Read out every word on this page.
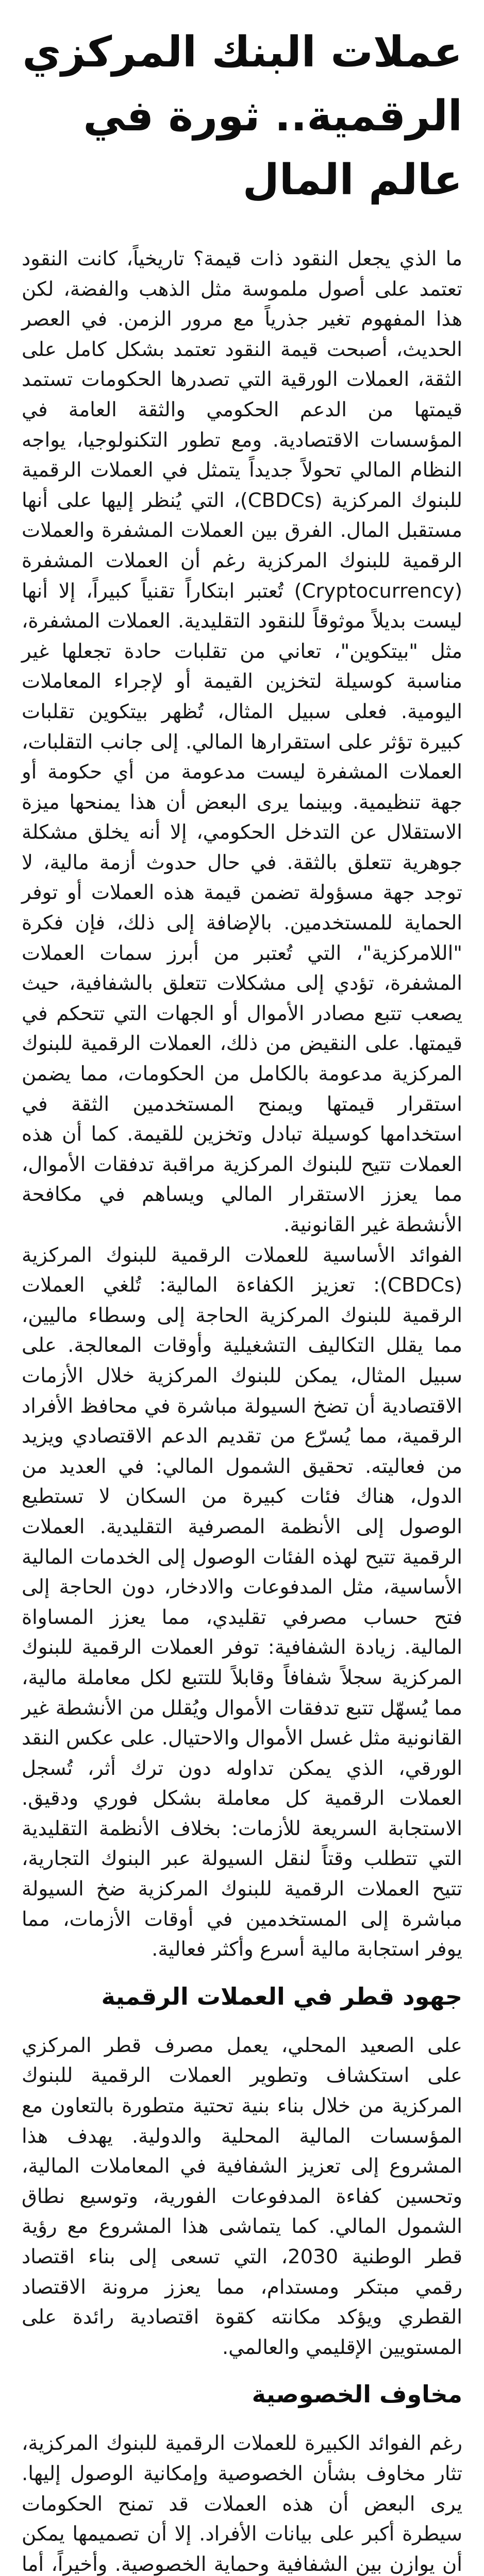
عملات البنك المركزي
الرقمية.. ثورة في عالم المال

ما الذي يجعل النقود ذات قيمة؟ تاريخياً، كانت النقود تعتمد على أصول ملموسة مثل الذهب والفضة، لكن هذا المفهوم تغير جذرياً مع مرور الزمن. في العصر الحديث، أصبحت قيمة النقود تعتمد بشكل كامل على الثقة، العملات الورقية التي تصدرها الحكومات تستمد قيمتها من الدعم الحكومي والثقة العامة في المؤسسات الاقتصادية. ومع تطور التكنولوجيا، يواجه النظام المالي تحولاً جديداً يتمثل في العملات الرقمية للبنوك المركزية (CBDCs)، التي يُنظر إليها على أنها مستقبل المال. الفرق بين العملات المشفرة والعملات الرقمية للبنوك المركزية رغم أن العملات المشفرة (Cryptocurrency) تُعتبر ابتكاراً تقنياً كبيراً، إلا أنها ليست بديلاً موثوقاً للنقود التقليدية. العملات المشفرة، مثل "بيتكوين"، تعاني من تقلبات حادة تجعلها غير مناسبة كوسيلة لتخزين القيمة أو لإجراء المعاملات اليومية. فعلى سبيل المثال، تُظهر بيتكوين تقلبات كبيرة تؤثر على استقرارها المالي. إلى جانب التقلبات، العملات المشفرة ليست مدعومة من أي حكومة أو جهة تنظيمية. وبينما يرى البعض أن هذا يمنحها ميزة الاستقلال عن التدخل الحكومي، إلا أنه يخلق مشكلة جوهرية تتعلق بالثقة. في حال حدوث أزمة مالية، لا توجد جهة مسؤولة تضمن قيمة هذه العملات أو توفر الحماية للمستخدمين. بالإضافة إلى ذلك، فإن فكرة "اللامركزية"، التي تُعتبر من أبرز سمات العملات المشفرة، تؤدي إلى مشكلات تتعلق بالشفافية، حيث يصعب تتبع مصادر الأموال أو الجهات التي تتحكم في قيمتها. على النقيض من ذلك، العملات الرقمية للبنوك المركزية مدعومة بالكامل من الحكومات، مما يضمن استقرار قيمتها ويمنح المستخدمين الثقة في استخدامها كوسيلة تبادل وتخزين للقيمة. كما أن هذه العملات تتيح للبنوك المركزية مراقبة تدفقات الأموال، مما يعزز الاستقرار المالي ويساهم في مكافحة الأنشطة غير القانونية.

الفوائد الأساسية للعملات الرقمية للبنوك المركزية (CBDCs): تعزيز الكفاءة المالية: تُلغي العملات الرقمية للبنوك المركزية الحاجة إلى وسطاء ماليين، مما يقلل التكاليف التشغيلية وأوقات المعالجة. على سبيل المثال، يمكن للبنوك المركزية خلال الأزمات الاقتصادية أن تضخ السيولة مباشرة في محافظ الأفراد الرقمية، مما يُسرّع من تقديم الدعم الاقتصادي ويزيد من فعاليته. تحقيق الشمول المالي: في العديد من الدول، هناك فئات كبيرة من السكان لا تستطيع الوصول إلى الأنظمة المصرفية التقليدية. العملات الرقمية تتيح لهذه الفئات الوصول إلى الخدمات المالية الأساسية، مثل المدفوعات والادخار، دون الحاجة إلى فتح حساب مصرفي تقليدي، مما يعزز المساواة المالية. زيادة الشفافية: توفر العملات الرقمية للبنوك المركزية سجلاً شفافاً وقابلاً للتتبع لكل معاملة مالية، مما يُسهّل تتبع تدفقات الأموال ويُقلل من الأنشطة غير القانونية مثل غسل الأموال والاحتيال. على عكس النقد الورقي، الذي يمكن تداوله دون ترك أثر، تُسجل العملات الرقمية كل معاملة بشكل فوري ودقيق. الاستجابة السريعة للأزمات: بخلاف الأنظمة التقليدية التي تتطلب وقتاً لنقل السيولة عبر البنوك التجارية، تتيح العملات الرقمية للبنوك المركزية ضخ السيولة مباشرة إلى المستخدمين في أوقات الأزمات، مما يوفر استجابة مالية أسرع وأكثر فعالية.

جهود قطر في العملات الرقمية

على الصعيد المحلي، يعمل مصرف قطر المركزي على استكشاف وتطوير العملات الرقمية للبنوك المركزية من خلال بناء بنية تحتية متطورة بالتعاون مع المؤسسات المالية المحلية والدولية. يهدف هذا المشروع إلى تعزيز الشفافية في المعاملات المالية، وتحسين كفاءة المدفوعات الفورية، وتوسيع نطاق الشمول المالي. كما يتماشى هذا المشروع مع رؤية قطر الوطنية 2030، التي تسعى إلى بناء اقتصاد رقمي مبتكر ومستدام، مما يعزز مرونة الاقتصاد القطري ويؤكد مكانته كقوة اقتصادية رائدة على المستويين الإقليمي والعالمي.

مخاوف الخصوصية

رغم الفوائد الكبيرة للعملات الرقمية للبنوك المركزية، تثار مخاوف بشأن الخصوصية وإمكانية الوصول إليها. يرى البعض أن هذه العملات قد تمنح الحكومات سيطرة أكبر على بيانات الأفراد. إلا أن تصميمها يمكن أن يوازن بين الشفافية وحماية الخصوصية. وأخيراً، أما
